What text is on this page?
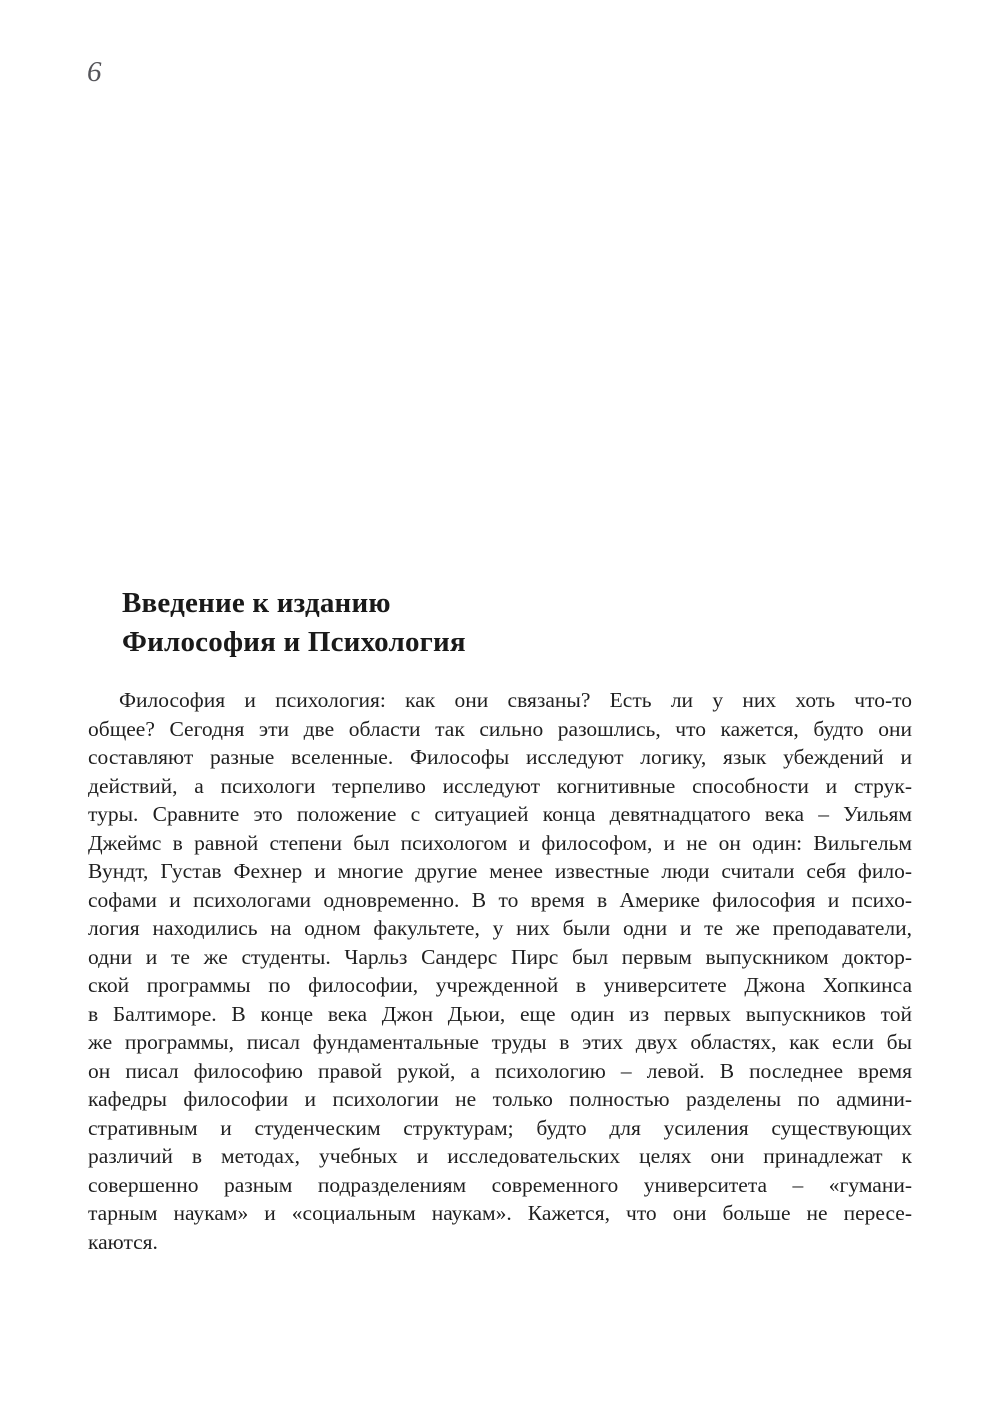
6
Введение к изданию
Философия и Психология
Философия и психология: как они связаны? Есть ли у них хоть что-то
общее? Сегодня эти две области так сильно разошлись, что кажется, будто они
составляют разные вселенные. Философы исследуют логику, язык убеждений и
действий, а психологи терпеливо исследуют когнитивные способности и струк-
туры. Сравните это положение с ситуацией конца девятнадцатого века – Уильям
Джеймс в равной степени был психологом и философом, и не он один: Вильгельм
Вундт, Густав Фехнер и многие другие менее известные люди считали себя фило-
софами и психологами одновременно. В то время в Америке философия и психо-
логия находились на одном факультете, у них были одни и те же преподаватели,
одни и те же студенты. Чарльз Сандерс Пирс был первым выпускником доктор-
ской программы по философии, учрежденной в университете Джона Хопкинса
в Балтиморе. В конце века Джон Дьюи, еще один из первых выпускников той
же программы, писал фундаментальные труды в этих двух областях, как если бы
он писал философию правой рукой, а психологию – левой. В последнее время
кафедры философии и психологии не только полностью разделены по админи-
стративным и студенческим структурам; будто для усиления существующих
различий в методах, учебных и исследовательских целях они принадлежат к
совершенно разным подразделениям современного университета – «гумани-
тарным наукам» и «социальным наукам». Кажется, что они больше не пересе-
каются.
